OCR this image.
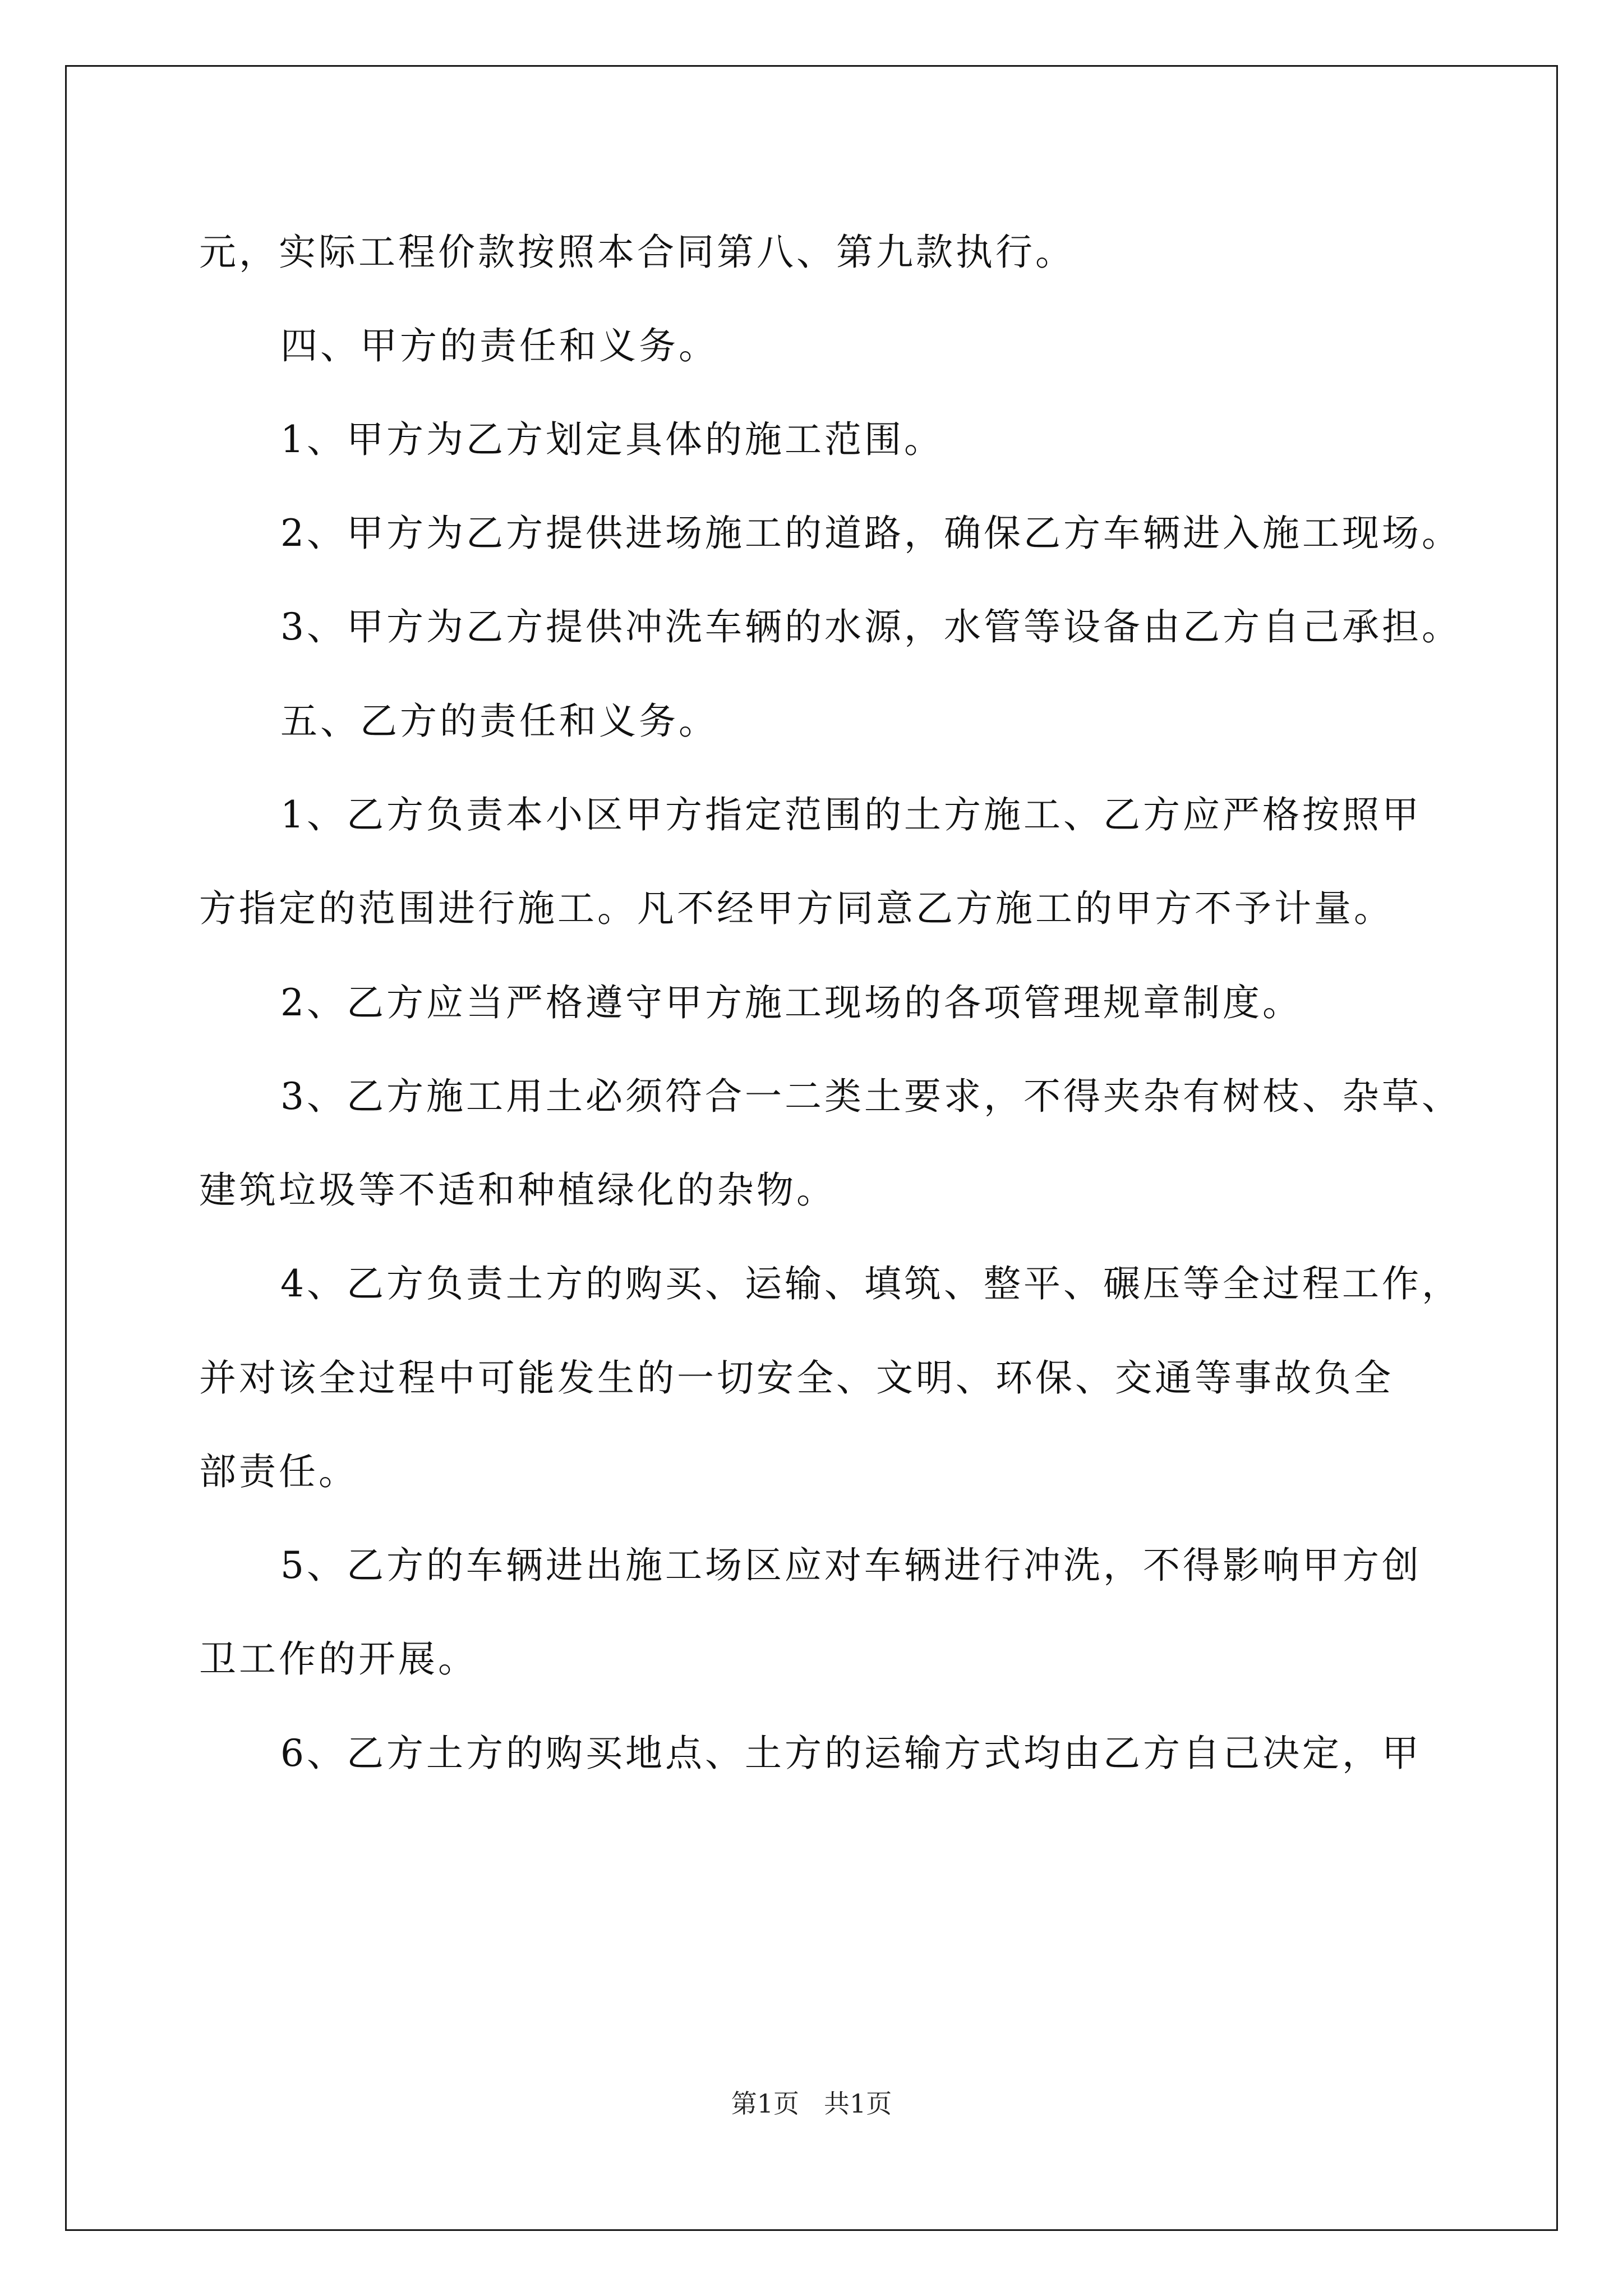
元，实际工程价款按照本合同第八、第九款执行。
四、甲方的责任和义务。
1、甲方为乙方划定具体的施工范围。
2、甲方为乙方提供进场施工的道路，确保乙方车辆进入施工现场。
3、甲方为乙方提供冲洗车辆的水源，水管等设备由乙方自己承担。
五、乙方的责任和义务。
1、乙方负责本小区甲方指定范围的土方施工、乙方应严格按照甲
方指定的范围进行施工。凡不经甲方同意乙方施工的甲方不予计量。
2、乙方应当严格遵守甲方施工现场的各项管理规章制度。
3、乙方施工用土必须符合一二类土要求，不得夹杂有树枝、杂草、
建筑垃圾等不适和种植绿化的杂物。
4、乙方负责土方的购买、运输、填筑、整平、碾压等全过程工作，
并对该全过程中可能发生的一切安全、文明、环保、交通等事故负全
部责任。
5、乙方的车辆进出施工场区应对车辆进行冲洗，不得影响甲方创
卫工作的开展。
6、乙方土方的购买地点、土方的运输方式均由乙方自己决定，甲
第1页 共1页
